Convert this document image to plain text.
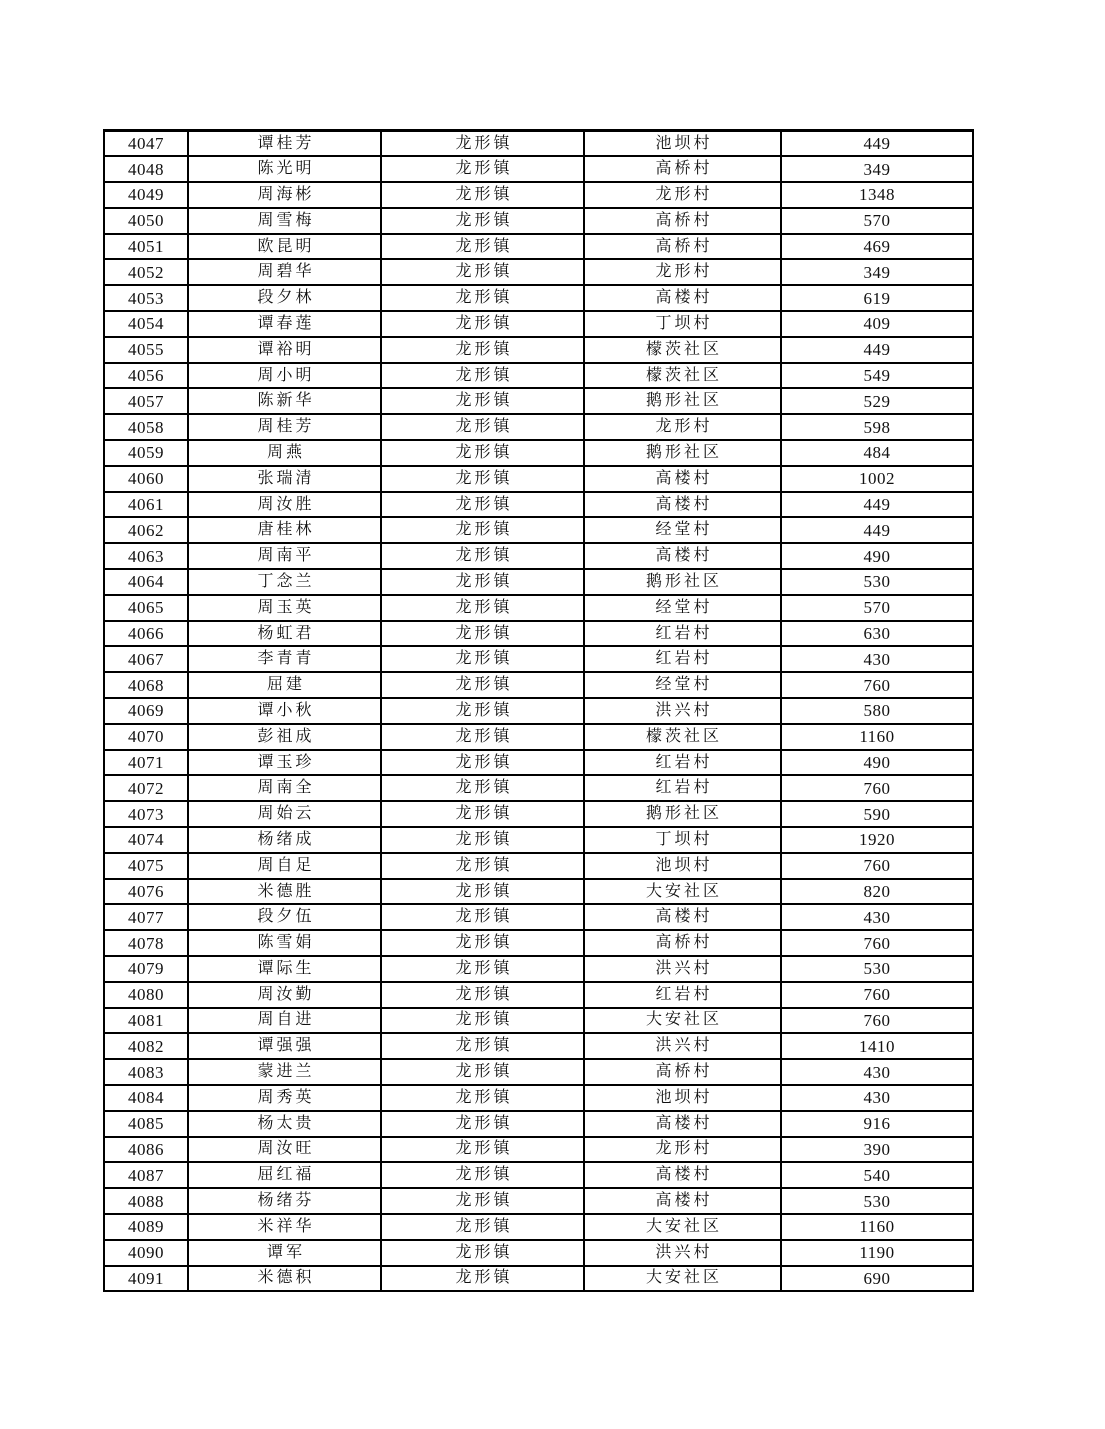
4047	谭桂芳	龙形镇	池坝村	449
4048	陈光明	龙形镇	高桥村	349
4049	周海彬	龙形镇	龙形村	1348
4050	周雪梅	龙形镇	高桥村	570
4051	欧昆明	龙形镇	高桥村	469
4052	周碧华	龙形镇	龙形村	349
4053	段夕林	龙形镇	高楼村	619
4054	谭春莲	龙形镇	丁坝村	409
4055	谭裕明	龙形镇	檬茨社区	449
4056	周小明	龙形镇	檬茨社区	549
4057	陈新华	龙形镇	鹅形社区	529
4058	周桂芳	龙形镇	龙形村	598
4059	周燕	龙形镇	鹅形社区	484
4060	张瑞清	龙形镇	高楼村	1002
4061	周汝胜	龙形镇	高楼村	449
4062	唐桂林	龙形镇	经堂村	449
4063	周南平	龙形镇	高楼村	490
4064	丁念兰	龙形镇	鹅形社区	530
4065	周玉英	龙形镇	经堂村	570
4066	杨虹君	龙形镇	红岩村	630
4067	李青青	龙形镇	红岩村	430
4068	屈建	龙形镇	经堂村	760
4069	谭小秋	龙形镇	洪兴村	580
4070	彭祖成	龙形镇	檬茨社区	1160
4071	谭玉珍	龙形镇	红岩村	490
4072	周南全	龙形镇	红岩村	760
4073	周始云	龙形镇	鹅形社区	590
4074	杨绪成	龙形镇	丁坝村	1920
4075	周自足	龙形镇	池坝村	760
4076	米德胜	龙形镇	大安社区	820
4077	段夕伍	龙形镇	高楼村	430
4078	陈雪娟	龙形镇	高桥村	760
4079	谭际生	龙形镇	洪兴村	530
4080	周汝勤	龙形镇	红岩村	760
4081	周自进	龙形镇	大安社区	760
4082	谭强强	龙形镇	洪兴村	1410
4083	蒙进兰	龙形镇	高桥村	430
4084	周秀英	龙形镇	池坝村	430
4085	杨太贵	龙形镇	高楼村	916
4086	周汝旺	龙形镇	龙形村	390
4087	屈红福	龙形镇	高楼村	540
4088	杨绪芬	龙形镇	高楼村	530
4089	米祥华	龙形镇	大安社区	1160
4090	谭军	龙形镇	洪兴村	1190
4091	米德积	龙形镇	大安社区	690
